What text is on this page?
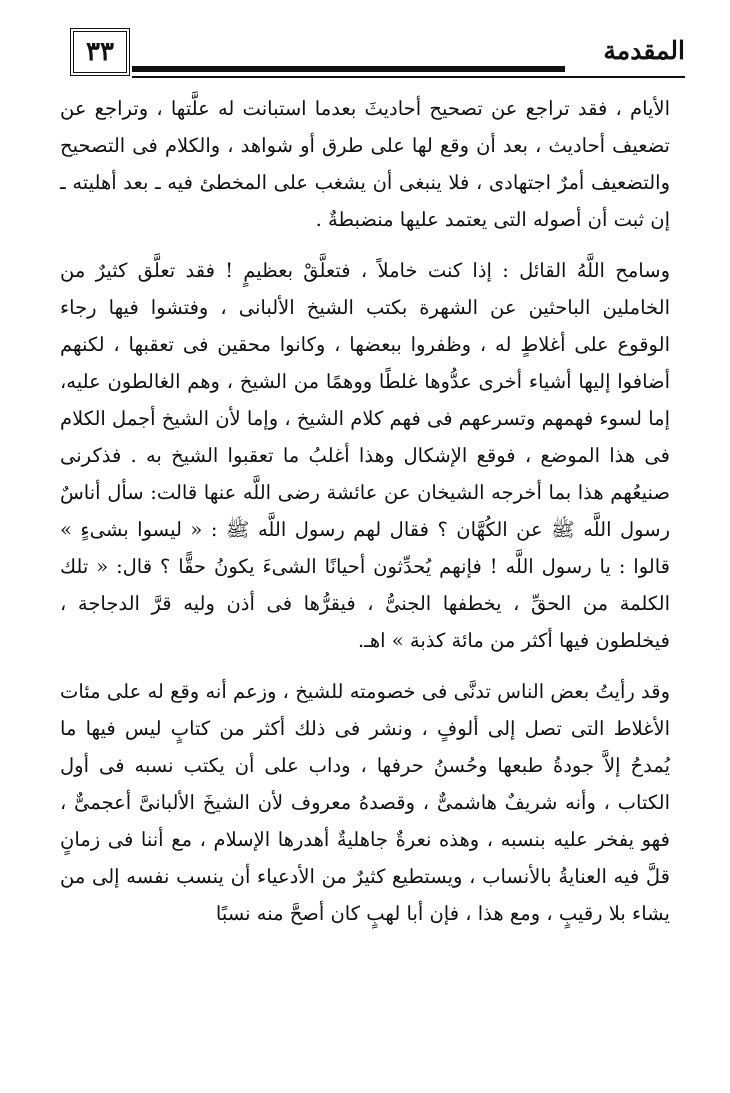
٣٣	المقدمة

الأيام ، فقد تراجع عن تصحيح أحاديثَ بعدما استبانت له علَّتها ، وتراجع عن تضعيف أحاديث ، بعد أن وقع لها على طرق أو شواهد ، والكلام فى التصحيح والتضعيف أمرٌ اجتهادى ، فلا ينبغى أن يشغب على المخطئ فيه ـ بعد أهليته ـ إن ثبت أن أصوله التى يعتمد عليها منضبطةٌ .

وسامح اللَّهُ القائل : إذا كنت خاملاً ، فتعلَّقْ بعظيمٍ ! فقد تعلَّق كثيرٌ من الخاملين الباحثين عن الشهرة بكتب الشيخ الألبانى ، وفتشوا فيها رجاء الوقوع على أغلاطٍ له ، وظفروا ببعضها ، وكانوا محقين فى تعقبها ، لكنهم أضافوا إليها أشياء أخرى عدُّوها غلطًا ووهمًا من الشيخ ، وهم الغالطون عليه، إما لسوء فهمهم وتسرعهم فى فهم كلام الشيخ ، وإما لأن الشيخ أجمل الكلام فى هذا الموضع ، فوقع الإشكال وهذا أغلبُ ما تعقبوا الشيخ به . فذكرنى صنيعُهم هذا بما أخرجه الشيخان عن عائشة رضى اللَّه عنها قالت: سأل أناسٌ رسول اللَّه ﷺ عن الكُهَّان ؟ فقال لهم رسول اللَّه ﷺ : « ليسوا بشىءٍ » قالوا : يا رسول اللَّه ! فإنهم يُحدِّثون أحيانًا الشىءَ يكونُ حقًّا ؟ قال: « تلك الكلمة من الحقِّ ، يخطفها الجنىُّ ، فيقرُّها فى أذن وليه قرَّ الدجاجة ، فيخلطون فيها أكثر من مائة كذبة » اهـ.

وقد رأيتُ بعض الناس تدنَّى فى خصومته للشيخ ، وزعم أنه وقع له على مئات الأغلاط التى تصل إلى ألوفٍ ، ونشر فى ذلك أكثر من كتابٍ ليس فيها ما يُمدحُ إلاَّ جودةُ طبعها وحُسنُ حرفها ، وداب على أن يكتب نسبه فى أول الكتاب ، وأنه شريفٌ هاشمىٌّ ، وقصدهُ معروف لأن الشيخَ الألبانىَّ أعجمىٌّ ، فهو يفخر عليه بنسبه ، وهذه نعرةٌ جاهليةٌ أهدرها الإسلام ، مع أننا فى زمانٍ قلَّ فيه العنايةُ بالأنساب ، ويستطيع كثيرٌ من الأدعياء أن ينسب نفسه إلى من يشاء بلا رقيبٍ ، ومع هذا ، فإن أبا لهبٍ كان أصحَّ منه نسبًا
